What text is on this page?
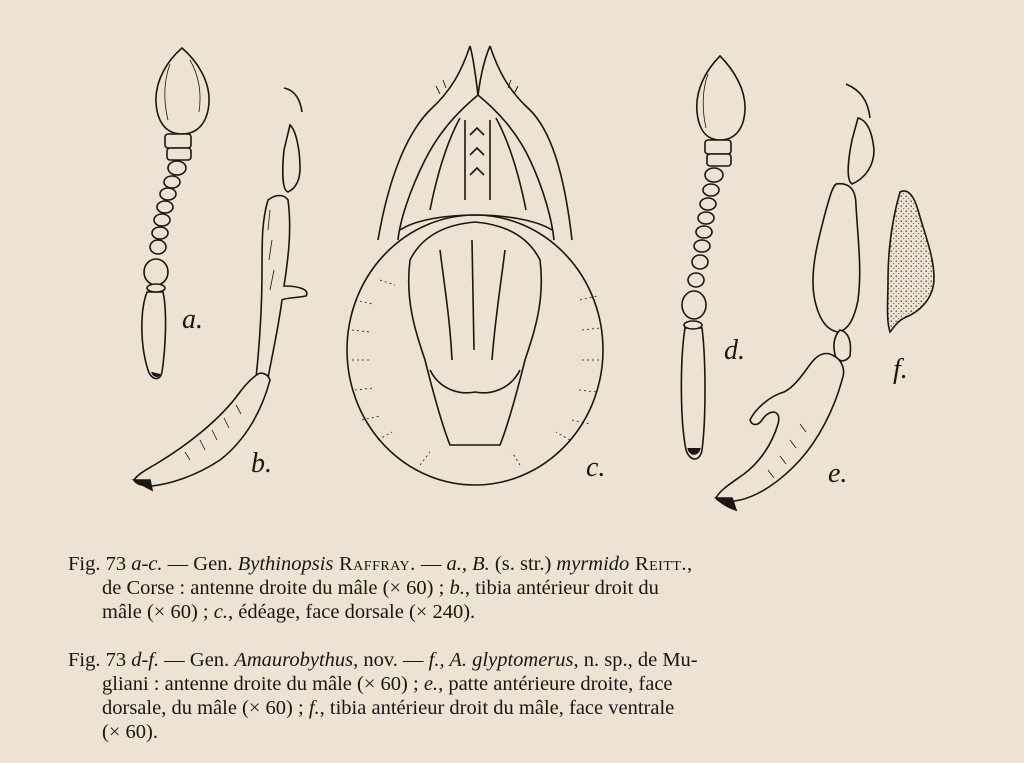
a.
b.	c.
d.
e.
f.
Fig. 73 a-c. — Gen. Bythinopsis Raffray. — a., B. (s. str.) myrmido Reitt.,
de Corse : antenne droite du mâle (× 60) ; b., tibia antérieur droit du
mâle (× 60) ; c., édéage, face dorsale (× 240).
Fig. 73 d-f. — Gen. Amaurobythus, nov. — f., A. glyptomerus, n. sp., de Mu-
gliani : antenne droite du mâle (× 60) ; e., patte antérieure droite, face
dorsale, du mâle (× 60) ; f., tibia antérieur droit du mâle, face ventrale
(× 60).
